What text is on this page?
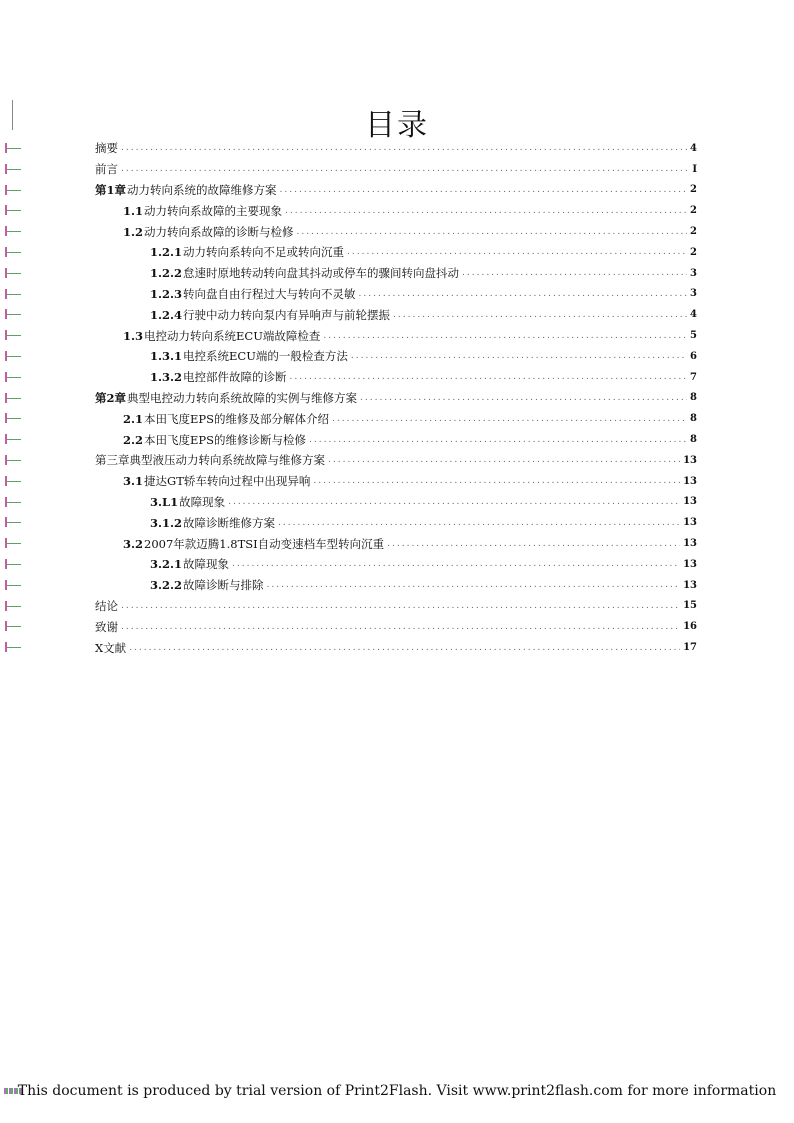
目录
摘要 .....	4
前言 .....	I
第1章动力转向系统的故障维修方案 .....	2
1.1动力转向系故障的主要现象 .....	2
1.2动力转向系故障的诊断与检修 .....	2
1.2.1动力转向系转向不足或转向沉重 .....	2
1.2.2怠速时原地转动转向盘其抖动或停车的骤间转向盘抖动 .....	3
1.2.3转向盘自由行程过大与转向不灵敏 .....	3
1.2.4行驶中动力转向泵内有异响声与前轮摆振 .....	4
1.3电控动力转向系统ECU端故障检查 .....	5
1.3.1电控系统ECU端的一般检查方法 .....	6
1.3.2电控部件故障的诊断 .....	7
第2章典型电控动力转向系统故障的实例与维修方案 .....	8
2.1本田飞度EPS的维修及部分解体介绍 .....	8
2.2本田飞度EPS的维修诊断与检修 .....	8
第三章典型液压动力转向系统故障与维修方案 .....	13
3.1捷达GT轿车转向过程中出现异响 .....	13
3.L1故障现象 .....	13
3.1.2故障诊断维修方案 .....	13
3.22007年款迈腾1.8TSI自动变速档车型转向沉重 .....	13
3.2.1故障现象 .....	13
3.2.2故障诊断与排除 .....	13
结论 .....	15
致谢 .....	16
X文献 .....	17
This document is produced by trial version of Print2Flash. Visit www.print2flash.com for more information
